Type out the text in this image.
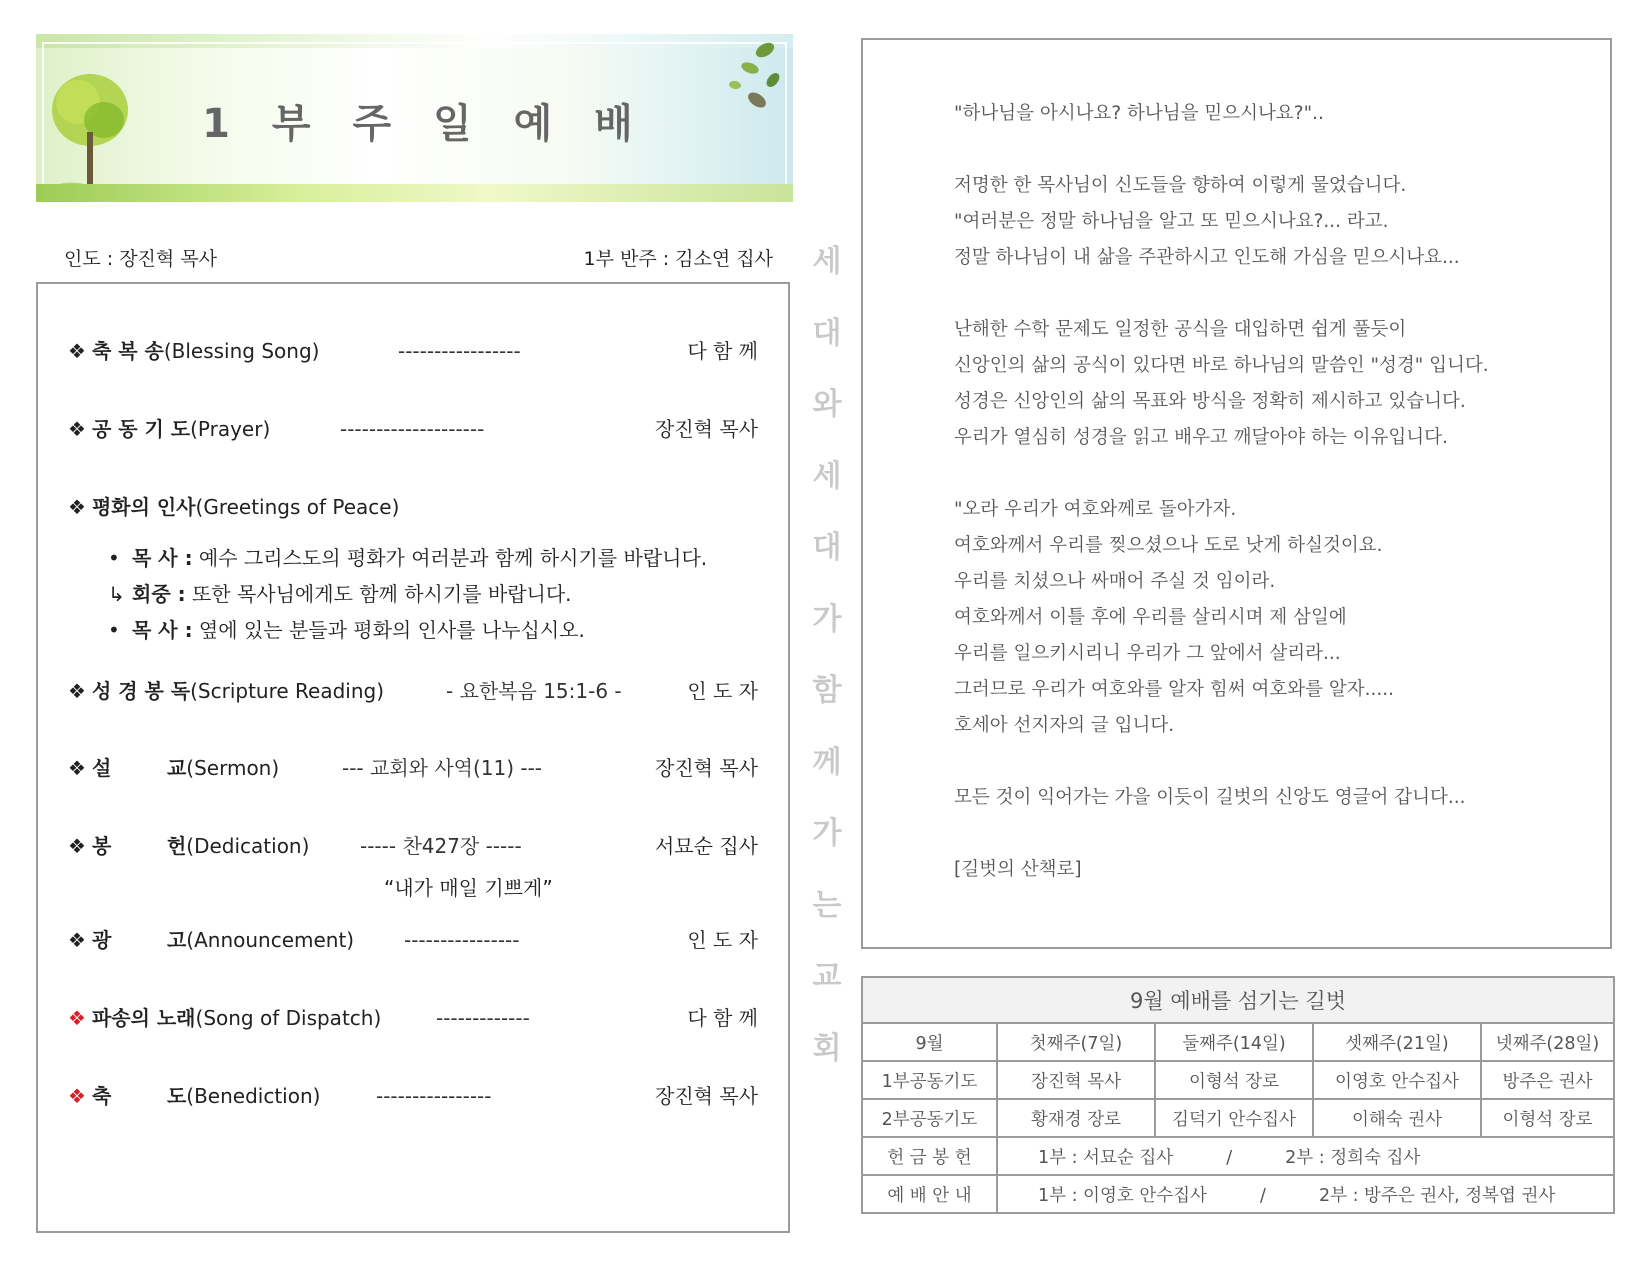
1 부 주 일 예 배
인도 : 장진혁 목사	1부 반주 : 김소연 집사
❖ 축 복 송(Blessing Song)	-----------------	다 함 께
❖ 공 동 기 도(Prayer)	--------------------	장진혁 목사
❖ 평화의 인사(Greetings of Peace)
• 목 사 : 예수 그리스도의 평화가 여러분과 함께 하시기를 바랍니다.
↳ 회중 : 또한 목사님에게도 함께 하시기를 바랍니다.
• 목 사 : 옆에 있는 분들과 평화의 인사를 나누십시오.
❖ 성 경 봉 독(Scripture Reading)	- 요한복음 15:1-6 -	인 도 자
❖ 설        교(Sermon)	--- 교회와 사역(11) ---	장진혁 목사
❖ 봉        헌(Dedication)	----- 찬427장 -----	서묘순 집사
“내가 매일 기쁘게”
❖ 광        고(Announcement) ----------------	인 도 자
❖ 파송의 노래(Song of Dispatch)	-------------	다 함 께
❖ 축        도(Benediction)	----------------	장진혁 목사
세
대
와
세
대
가
함
께
가
는
교
회
"하나님을 아시나요? 하나님을 믿으시나요?"..
저명한 한 목사님이 신도들을 향하여 이렇게 물었습니다.
"여러분은 정말 하나님을 알고 또 믿으시나요?... 라고.
정말 하나님이 내 삶을 주관하시고 인도해 가심을 믿으시나요...
난해한 수학 문제도 일정한 공식을 대입하면 쉽게 풀듯이
신앙인의 삶의 공식이 있다면 바로 하나님의 말씀인 "성경" 입니다.
성경은 신앙인의 삶의 목표와 방식을 정확히 제시하고 있습니다.
우리가 열심히 성경을 읽고 배우고 깨달아야 하는 이유입니다.
"오라 우리가 여호와께로 돌아가자.
여호와께서 우리를 찢으셨으나 도로 낫게 하실것이요.
우리를 치셨으나 싸매어 주실 것 임이라.
여호와께서 이틀 후에 우리를 살리시며 제 삼일에
우리를 일으키시리니 우리가 그 앞에서 살리라...
그러므로 우리가 여호와를 알자 힘써 여호와를 알자.....
호세아 선지자의 글 입니다.
모든 것이 익어가는 가을 이듯이 길벗의 신앙도 영글어 갑니다...
[길벗의 산책로]
9월 예배를 섬기는 길벗				
9월	첫째주(7일)	둘째주(14일)	셋째주(21일)	넷째주(28일)
1부공동기도	장진혁 목사	이형석 장로	이영호 안수집사	방주은 권사
2부공동기도	황재경 장로	김덕기 안수집사	이해숙 권사	이형석 장로
헌 금 봉 헌	1부 : 서묘순 집사 / 2부 : 정희숙 집사			
예 배 안 내	1부 : 이영호 안수집사 / 2부 : 방주은 권사, 정복엽 권사			
